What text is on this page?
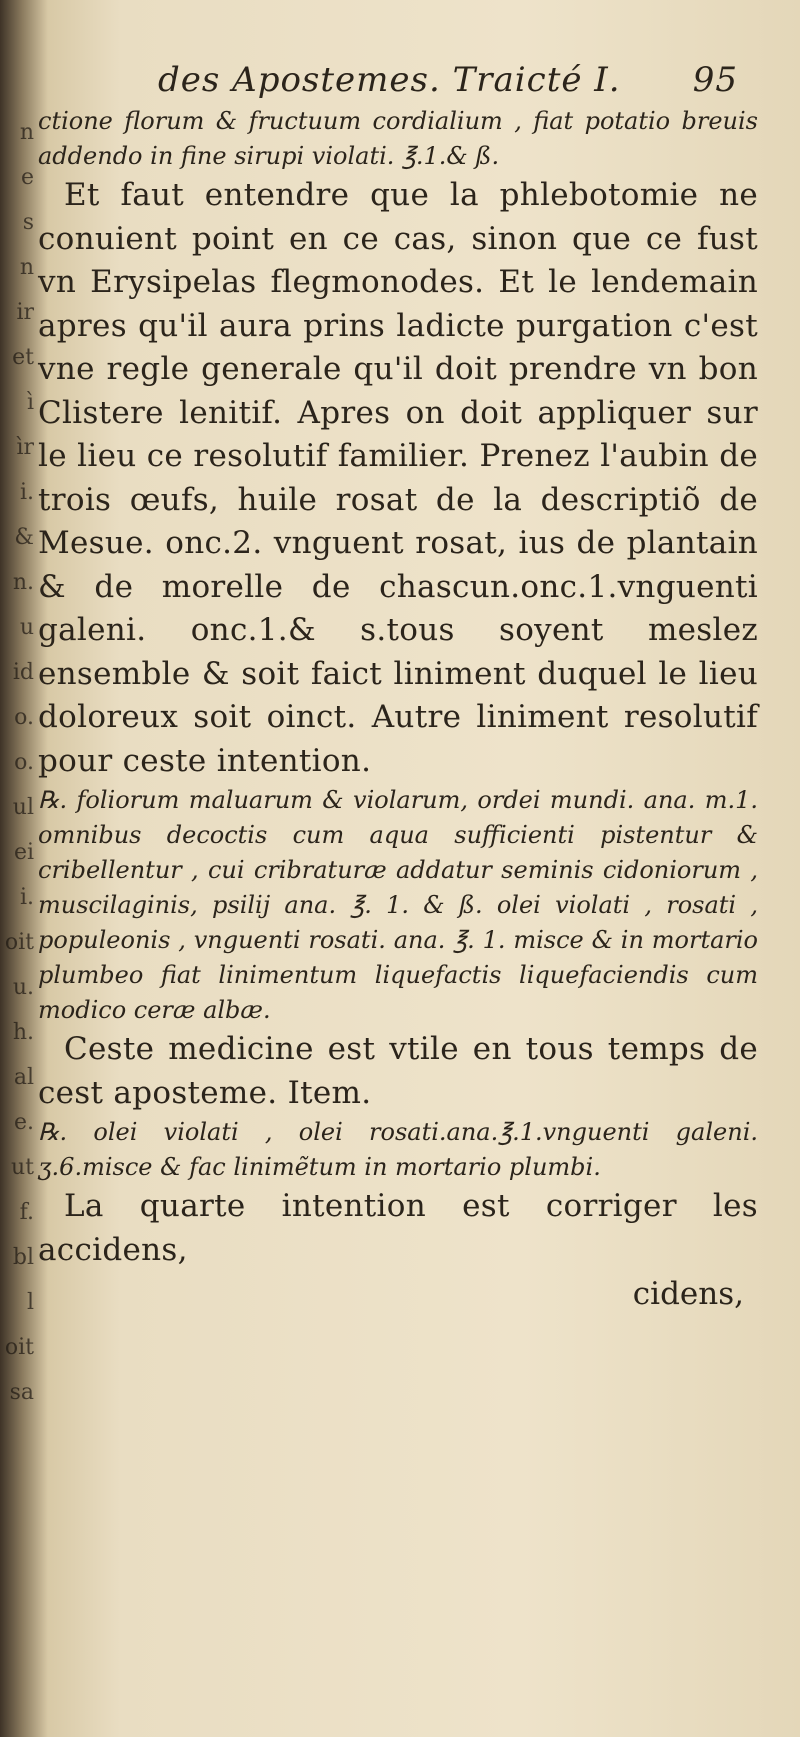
n
e
s
n
ir
et
ì
ìr
i.
&
n.
u
id
o.
o.
ul
ei
i.
oit
u.
h.
al
e.
ut
f.
bl
l
oit
sa
des Apostemes. Traicté I. 95

ctione florum & fructuum cordialium , fiat potatio breuis addendo in fine sirupi violati. ℥.1.& ß.

Et faut entendre que la phlebotomie ne conuient point en ce cas, sinon que ce fust vn Erysipelas flegmonodes. Et le lendemain apres qu'il aura prins ladicte purgation c'est vne regle generale qu'il doit prendre vn bon Clistere lenitif. Apres on doit appliquer sur le lieu ce resolutif familier. Prenez l'aubin de trois œufs, huile rosat de la descriptiõ de Mesue. onc.2. vnguent rosat, ius de plantain & de morelle de chascun.onc.1.vnguenti galeni. onc.1.& s.tous soyent meslez ensemble & soit faict liniment duquel le lieu doloreux soit oinct. Autre liniment resolutif pour ceste intention.

℞. foliorum maluarum & violarum, ordei mundi. ana. m.1. omnibus decoctis cum aqua sufficienti pistentur & cribellentur , cui cribraturæ addatur seminis cidoniorum , muscilaginis, psilij ana. ℥. 1. & ß. olei violati , rosati , populeonis , vnguenti rosati. ana. ℥. 1. misce & in mortario plumbeo fiat linimentum liquefactis liquefaciendis cum modico ceræ albæ.

Ceste medicine est vtile en tous temps de cest aposteme. Item.

℞. olei violati , olei rosati.ana.℥.1.vnguenti galeni. ʒ.6.misce & fac linimẽtum in mortario plumbi.

La quarte intention est corriger les accidens,

cidens,
